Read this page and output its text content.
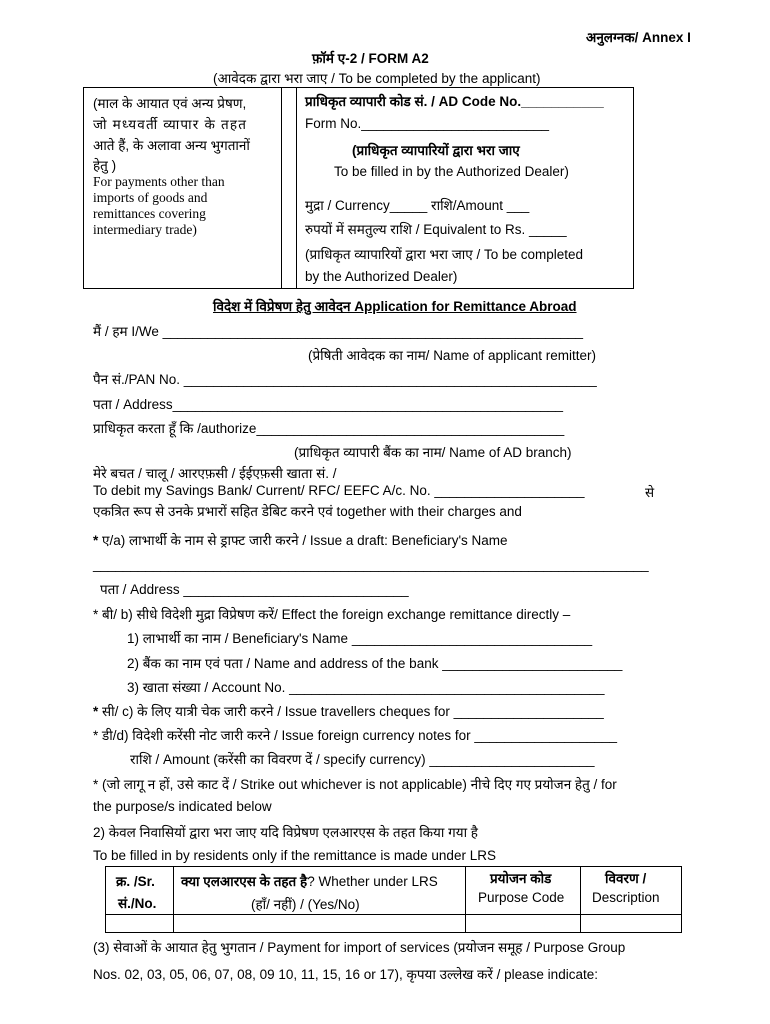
अनुलग्नक/ Annex I
फ़ॉर्म ए-2 / FORM A2
(आवेदक द्वारा भरा जाए / To be completed by the applicant)
(माल के आयात एवं अन्य प्रेषण,
जो मध्यवर्ती व्यापार के तहत
आते हैं, के अलावा अन्य भुगतानों
हेतु )
For payments other than
imports of goods and
remittances covering
intermediary trade)
प्राधिकृत व्यापारी कोड सं. / AD Code No.___________
Form No._________________________
(प्राधिकृत व्यापारियों द्वारा भरा जाए
To be filled in by the Authorized Dealer)
मुद्रा / Currency_____ राशि/Amount ___
रुपयों में समतुल्य राशि / Equivalent to Rs. _____
(प्राधिकृत व्यापारियों द्वारा भरा जाए / To be completed
by the Authorized Dealer)
विदेश में विप्रेषण हेतु आवेदन Application for Remittance Abroad
मैं / हम I/We ________________________________________________________
(प्रेषिती आवेदक का नाम/ Name of applicant remitter)
पैन सं./PAN No. _______________________________________________________
पता / Address____________________________________________________
प्राधिकृत करता हूँ कि /authorize_________________________________________
(प्राधिकृत व्यापारी बैंक का नाम/ Name of AD branch)
मेरे बचत / चालू / आरएफ़सी / ईईएफ़सी खाता सं. /
To debit my Savings Bank/ Current/ RFC/ EEFC A/c. No. ____________________	से
एकत्रित रूप से उनके प्रभारों सहित डेबिट करने एवं together with their charges and
* ए/a) लाभार्थी के नाम से ड्राफ्ट जारी करने / Issue a draft: Beneficiary's Name
__________________________________________________________________________
पता / Address ______________________________
* बी/ b) सीधे विदेशी मुद्रा विप्रेषण करें/ Effect the foreign exchange remittance directly –
1) लाभार्थी का नाम / Beneficiary's Name ________________________________
2) बैंक का नाम एवं पता / Name and address of the bank ________________________
3) खाता संख्या / Account No. __________________________________________
* सी/ c) के लिए यात्री चेक जारी करने / Issue travellers cheques for ____________________
* डी/d) विदेशी करेंसी नोट जारी करने / Issue foreign currency notes for ___________________
राशि / Amount (करेंसी का विवरण दें / specify currency) ______________________
* (जो लागू न हों, उसे काट दें / Strike out whichever is not applicable) नीचे दिए गए प्रयोजन हेतु / for
the purpose/s indicated below
2) केवल निवासियों द्वारा भरा जाए यदि विप्रेषण एलआरएस के तहत किया गया है
To be filled in by residents only if the remittance is made under LRS
क्र. /Sr.
सं./No.
क्या एलआरएस के तहत है? Whether under LRS
(हाँ/ नहीं) / (Yes/No)
प्रयोजन कोड
Purpose Code
विवरण /
Description
(3) सेवाओं के आयात हेतु भुगतान / Payment for import of services (प्रयोजन समूह / Purpose Group
Nos. 02, 03, 05, 06, 07, 08, 09 10, 11, 15, 16 or 17), कृपया उल्लेख करें / please indicate:
